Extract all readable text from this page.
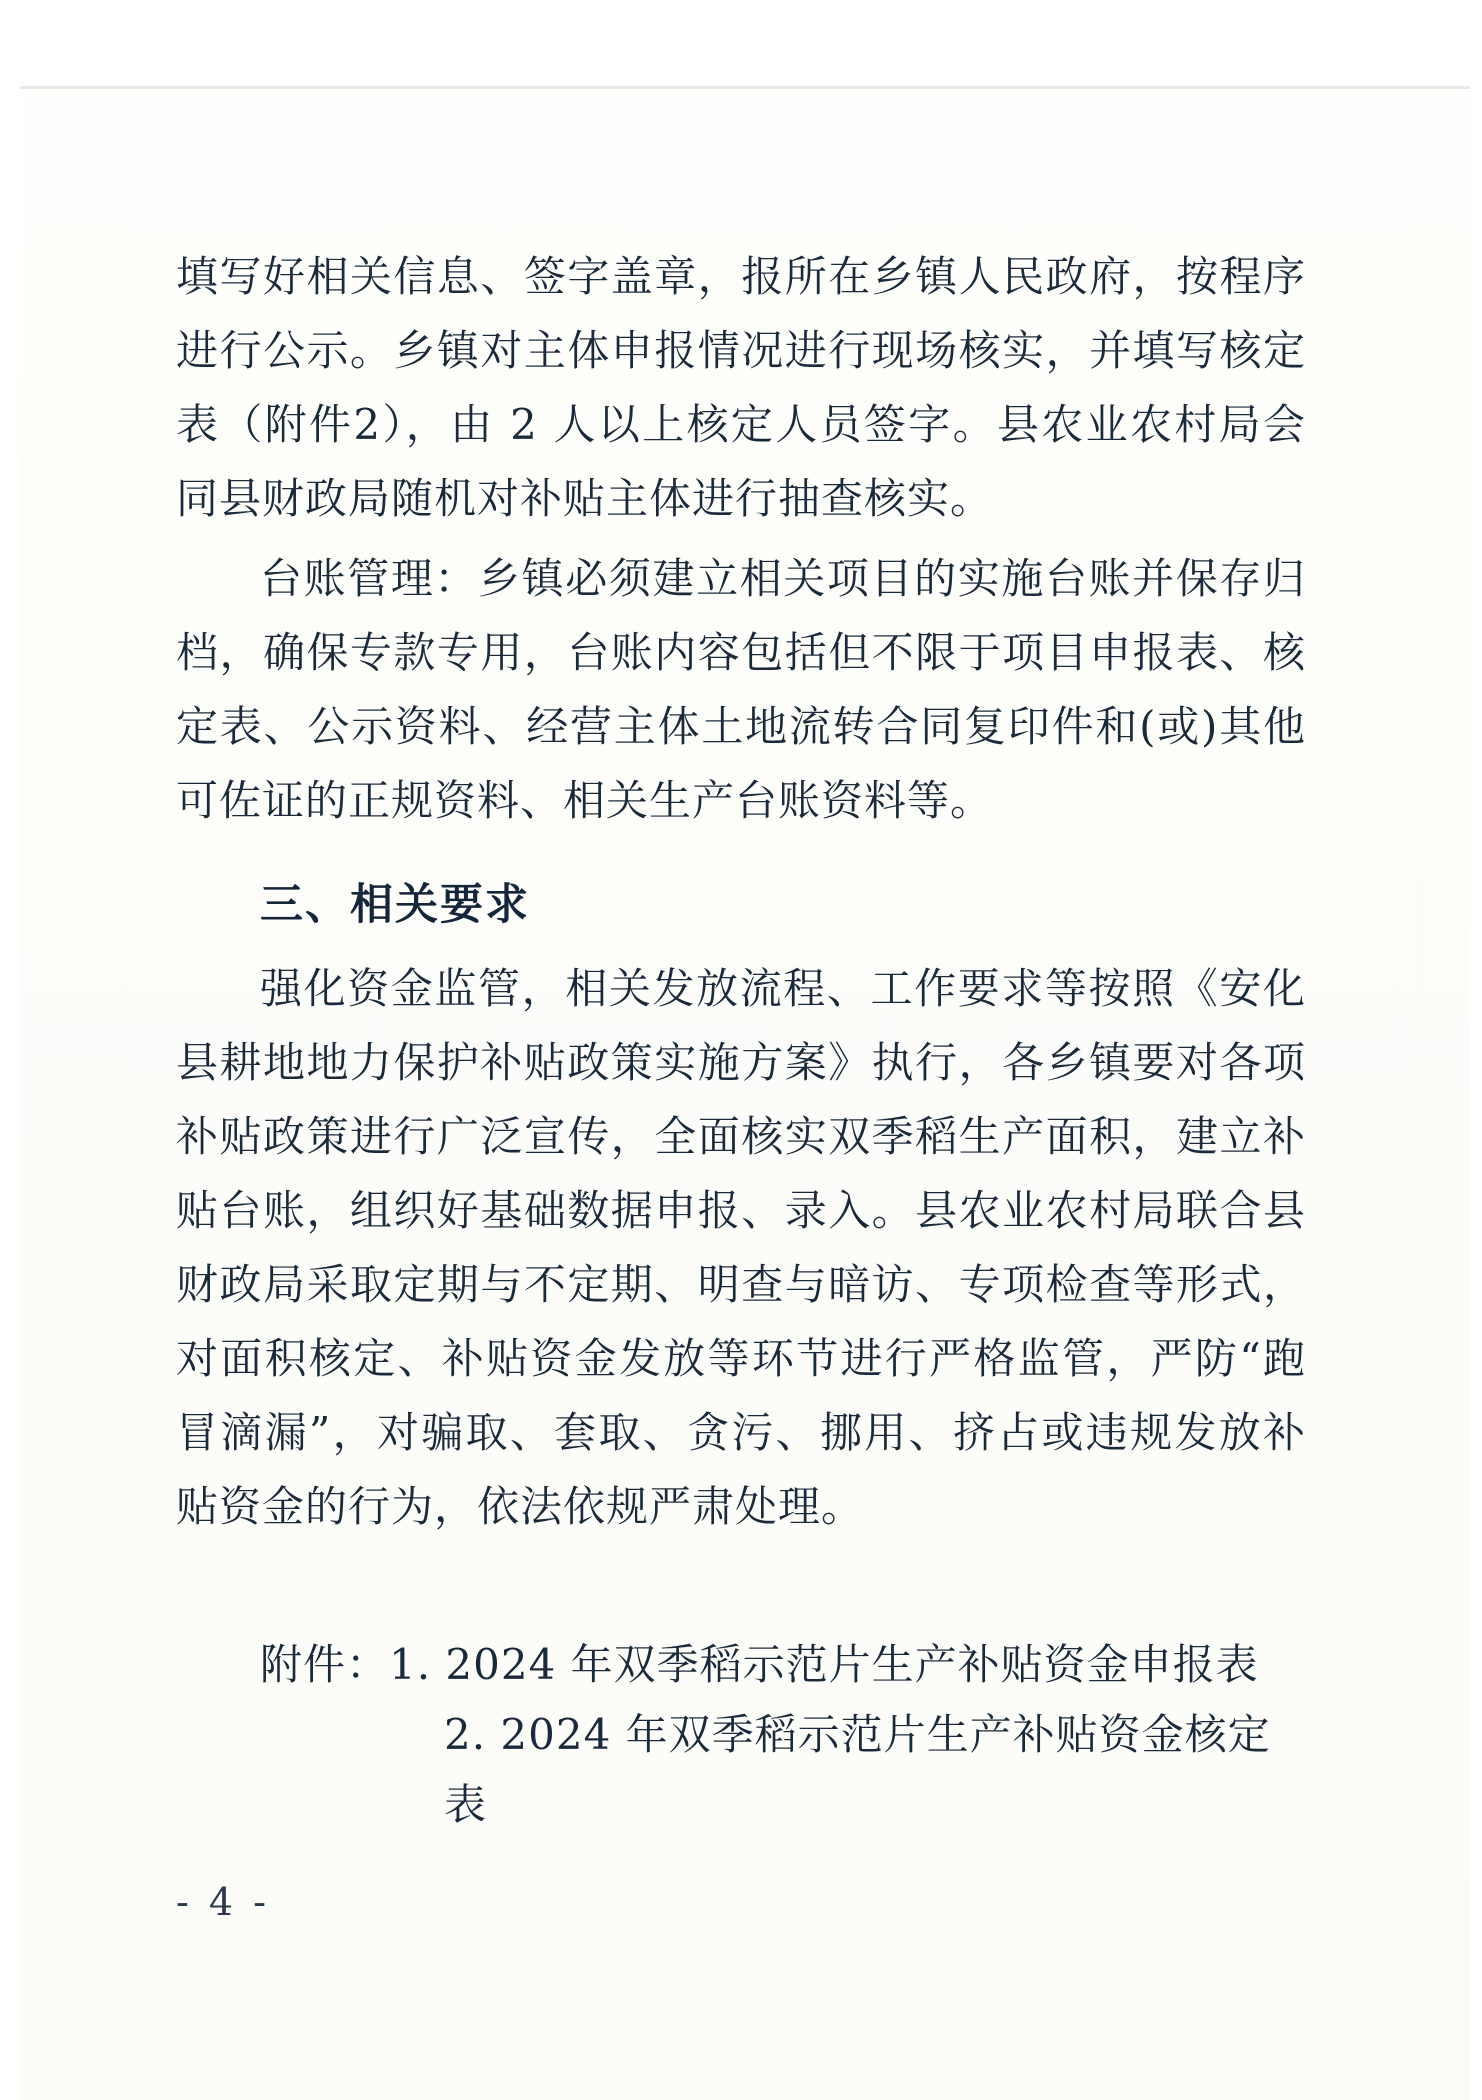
填写好相关信息、签字盖章，报所在乡镇人民政府，按程序进行公示。乡镇对主体申报情况进行现场核实，并填写核定表（附件2），由 2 人以上核定人员签字。县农业农村局会同县财政局随机对补贴主体进行抽查核实。

台账管理：乡镇必须建立相关项目的实施台账并保存归档，确保专款专用，台账内容包括但不限于项目申报表、核定表、公示资料、经营主体土地流转合同复印件和(或)其他可佐证的正规资料、相关生产台账资料等。

三、相关要求

强化资金监管，相关发放流程、工作要求等按照《安化县耕地地力保护补贴政策实施方案》执行，各乡镇要对各项补贴政策进行广泛宣传，全面核实双季稻生产面积，建立补贴台账，组织好基础数据申报、录入。县农业农村局联合县财政局采取定期与不定期、明查与暗访、专项检查等形式，对面积核定、补贴资金发放等环节进行严格监管，严防“跑冒滴漏”，对骗取、套取、贪污、挪用、挤占或违规发放补贴资金的行为，依法依规严肃处理。

附件：1. 2024 年双季稻示范片生产补贴资金申报表
2. 2024 年双季稻示范片生产补贴资金核定表
- 4 -
